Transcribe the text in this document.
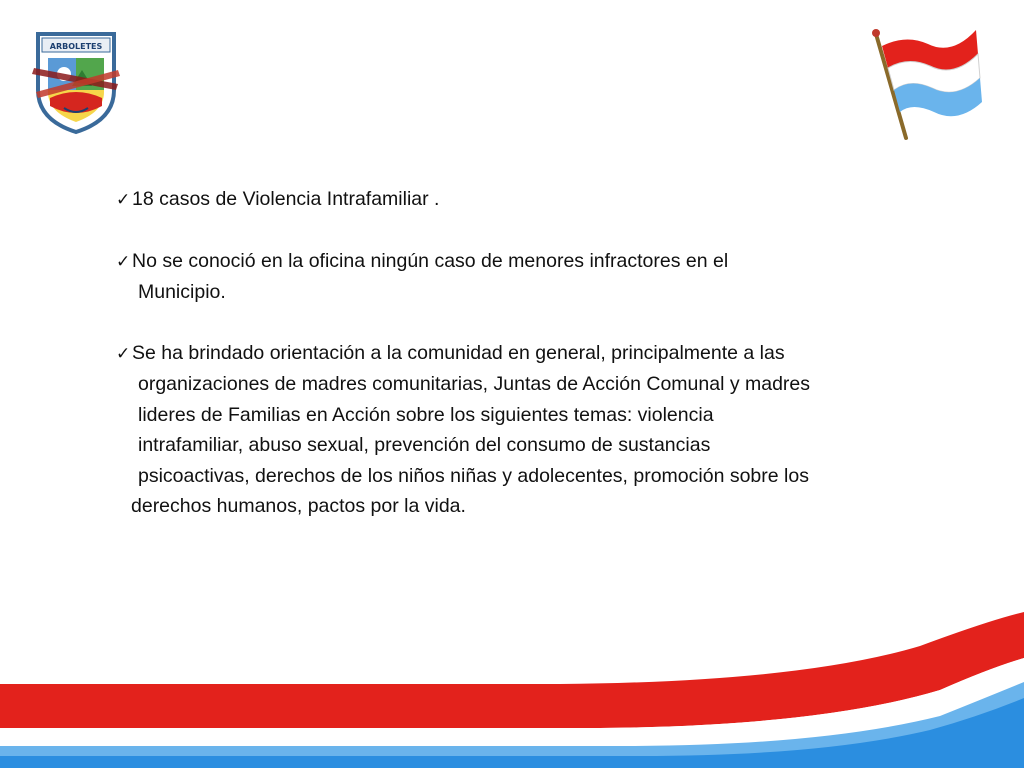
ARBOLETES
✓18 casos de Violencia Intrafamiliar .
✓No se conoció en la oficina ningún caso de menores infractores en el
Municipio.
✓Se ha brindado orientación a la comunidad en general, principalmente a las
organizaciones de madres comunitarias, Juntas de Acción Comunal y madres
lideres de Familias en Acción sobre los siguientes temas: violencia
intrafamiliar, abuso sexual, prevención del consumo de sustancias
psicoactivas, derechos de los niños niñas y adolecentes, promoción sobre los
derechos humanos, pactos por la vida.
